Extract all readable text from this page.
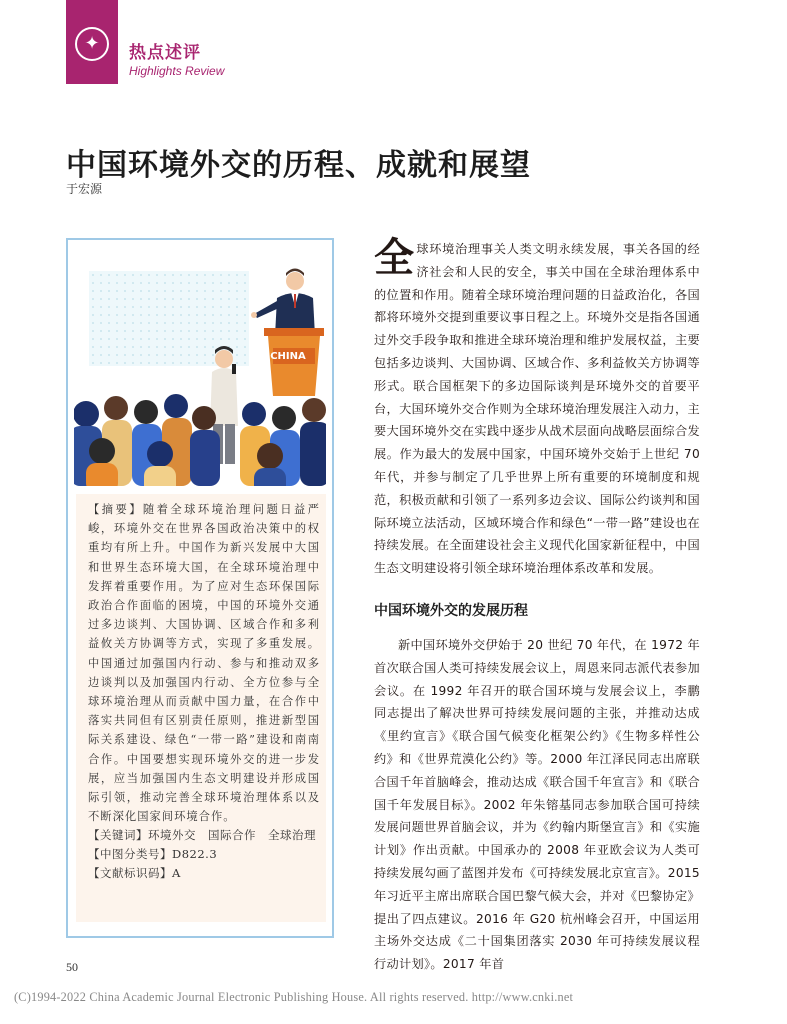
✦	热点述评
Highlights Review
中国环境外交的历程、成就和展望
于宏源
CHINA

【摘要】随着全球环境治理问题日益严峻，环境外交在世界各国政治决策中的权重均有所上升。中国作为新兴发展中大国和世界生态环境大国，在全球环境治理中发挥着重要作用。为了应对生态环保国际政治合作面临的困境，中国的环境外交通过多边谈判、大国协调、区域合作和多利益攸关方协调等方式，实现了多重发展。中国通过加强国内行动、参与和推动双多边谈判以及加强国内行动、全方位参与全球环境治理从而贡献中国力量，在合作中落实共同但有区别责任原则，推进新型国际关系建设、绿色“一带一路”建设和南南合作。中国要想实现环境外交的进一步发展，应当加强国内生态文明建设并形成国际引领，推动完善全球环境治理体系以及不断深化国家间环境合作。

【关键词】环境外交　国际合作　全球治理

【中图分类号】D822.3

【文献标识码】A

全球环境治理事关人类文明永续发展，事关各国的经济社会和人民的安全，事关中国在全球治理体系中的位置和作用。随着全球环境治理问题的日益政治化，各国都将环境外交提到重要议事日程之上。环境外交是指各国通过外交手段争取和推进全球环境治理和维护发展权益，主要包括多边谈判、大国协调、区域合作、多利益攸关方协调等形式。联合国框架下的多边国际谈判是环境外交的首要平台，大国环境外交合作则为全球环境治理发展注入动力，主要大国环境外交在实践中逐步从战术层面向战略层面综合发展。作为最大的发展中国家，中国环境外交始于上世纪 70 年代，并参与制定了几乎世界上所有重要的环境制度和规范，积极贡献和引领了一系列多边会议、国际公约谈判和国际环境立法活动，区域环境合作和绿色“一带一路”建设也在持续发展。在全面建设社会主义现代化国家新征程中，中国生态文明建设将引领全球环境治理体系改革和发展。

中国环境外交的发展历程

新中国环境外交伊始于 20 世纪 70 年代，在 1972 年首次联合国人类可持续发展会议上，周恩来同志派代表参加会议。在 1992 年召开的联合国环境与发展会议上，李鹏同志提出了解决世界可持续发展问题的主张，并推动达成《里约宣言》《联合国气候变化框架公约》《生物多样性公约》和《世界荒漠化公约》等。2000 年江泽民同志出席联合国千年首脑峰会，推动达成《联合国千年宣言》和《联合国千年发展目标》。2002 年朱镕基同志参加联合国可持续发展问题世界首脑会议，并为《约翰内斯堡宣言》和《实施计划》作出贡献。中国承办的 2008 年亚欧会议为人类可持续发展勾画了蓝图并发布《可持续发展北京宣言》。2015 年习近平主席出席联合国巴黎气候大会，并对《巴黎协定》提出了四点建议。2016 年 G20 杭州峰会召开，中国运用主场外交达成《二十国集团落实 2030 年可持续发展议程行动计划》。2017 年首

50
(C)1994-2022 China Academic Journal Electronic Publishing House. All rights reserved. http://www.cnki.net
